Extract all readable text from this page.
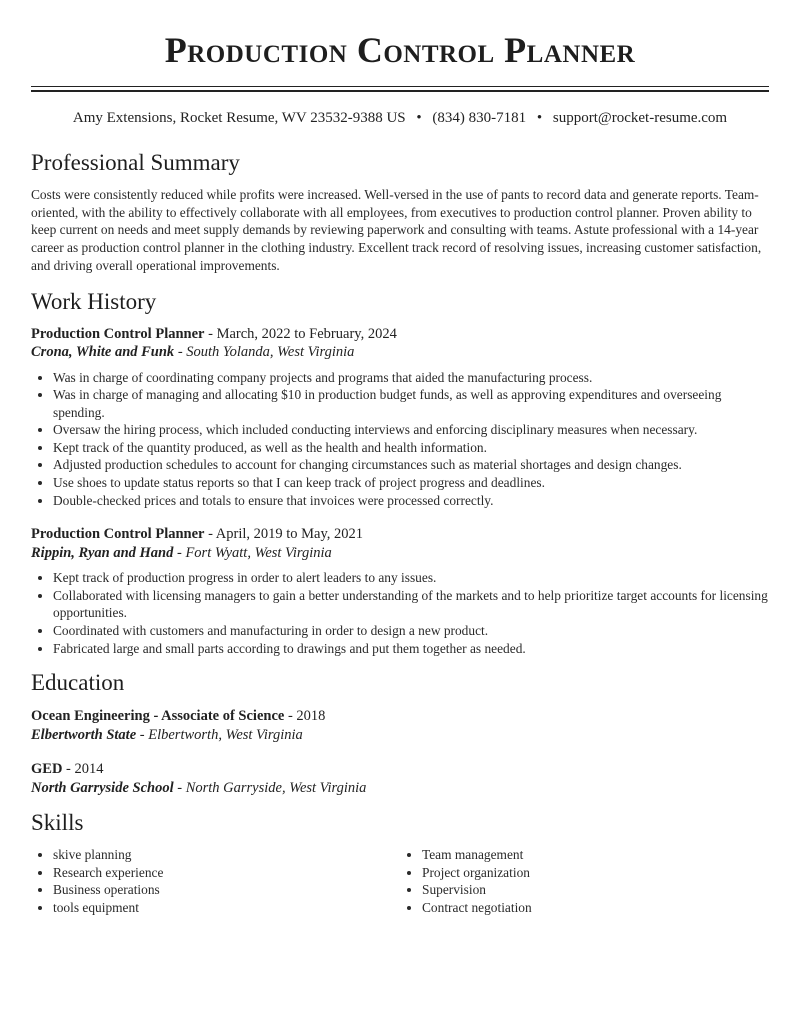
Production Control Planner
Amy Extensions, Rocket Resume, WV 23532-9388 US • (834) 830-7181 • support@rocket-resume.com
Professional Summary
Costs were consistently reduced while profits were increased. Well-versed in the use of pants to record data and generate reports. Team-oriented, with the ability to effectively collaborate with all employees, from executives to production control planner. Proven ability to keep current on needs and meet supply demands by reviewing paperwork and consulting with teams. Astute professional with a 14-year career as production control planner in the clothing industry. Excellent track record of resolving issues, increasing customer satisfaction, and driving overall operational improvements.
Work History
Production Control Planner - March, 2022 to February, 2024
Crona, White and Funk - South Yolanda, West Virginia
• Was in charge of coordinating company projects and programs that aided the manufacturing process.
• Was in charge of managing and allocating $10 in production budget funds, as well as approving expenditures and overseeing spending.
• Oversaw the hiring process, which included conducting interviews and enforcing disciplinary measures when necessary.
• Kept track of the quantity produced, as well as the health and health information.
• Adjusted production schedules to account for changing circumstances such as material shortages and design changes.
• Use shoes to update status reports so that I can keep track of project progress and deadlines.
• Double-checked prices and totals to ensure that invoices were processed correctly.
Production Control Planner - April, 2019 to May, 2021
Rippin, Ryan and Hand - Fort Wyatt, West Virginia
• Kept track of production progress in order to alert leaders to any issues.
• Collaborated with licensing managers to gain a better understanding of the markets and to help prioritize target accounts for licensing opportunities.
• Coordinated with customers and manufacturing in order to design a new product.
• Fabricated large and small parts according to drawings and put them together as needed.
Education
Ocean Engineering - Associate of Science - 2018
Elbertworth State - Elbertworth, West Virginia
GED - 2014
North Garryside School - North Garryside, West Virginia
Skills
• skive planning
• Research experience
• Business operations
• tools equipment
• Team management
• Project organization
• Supervision
• Contract negotiation
